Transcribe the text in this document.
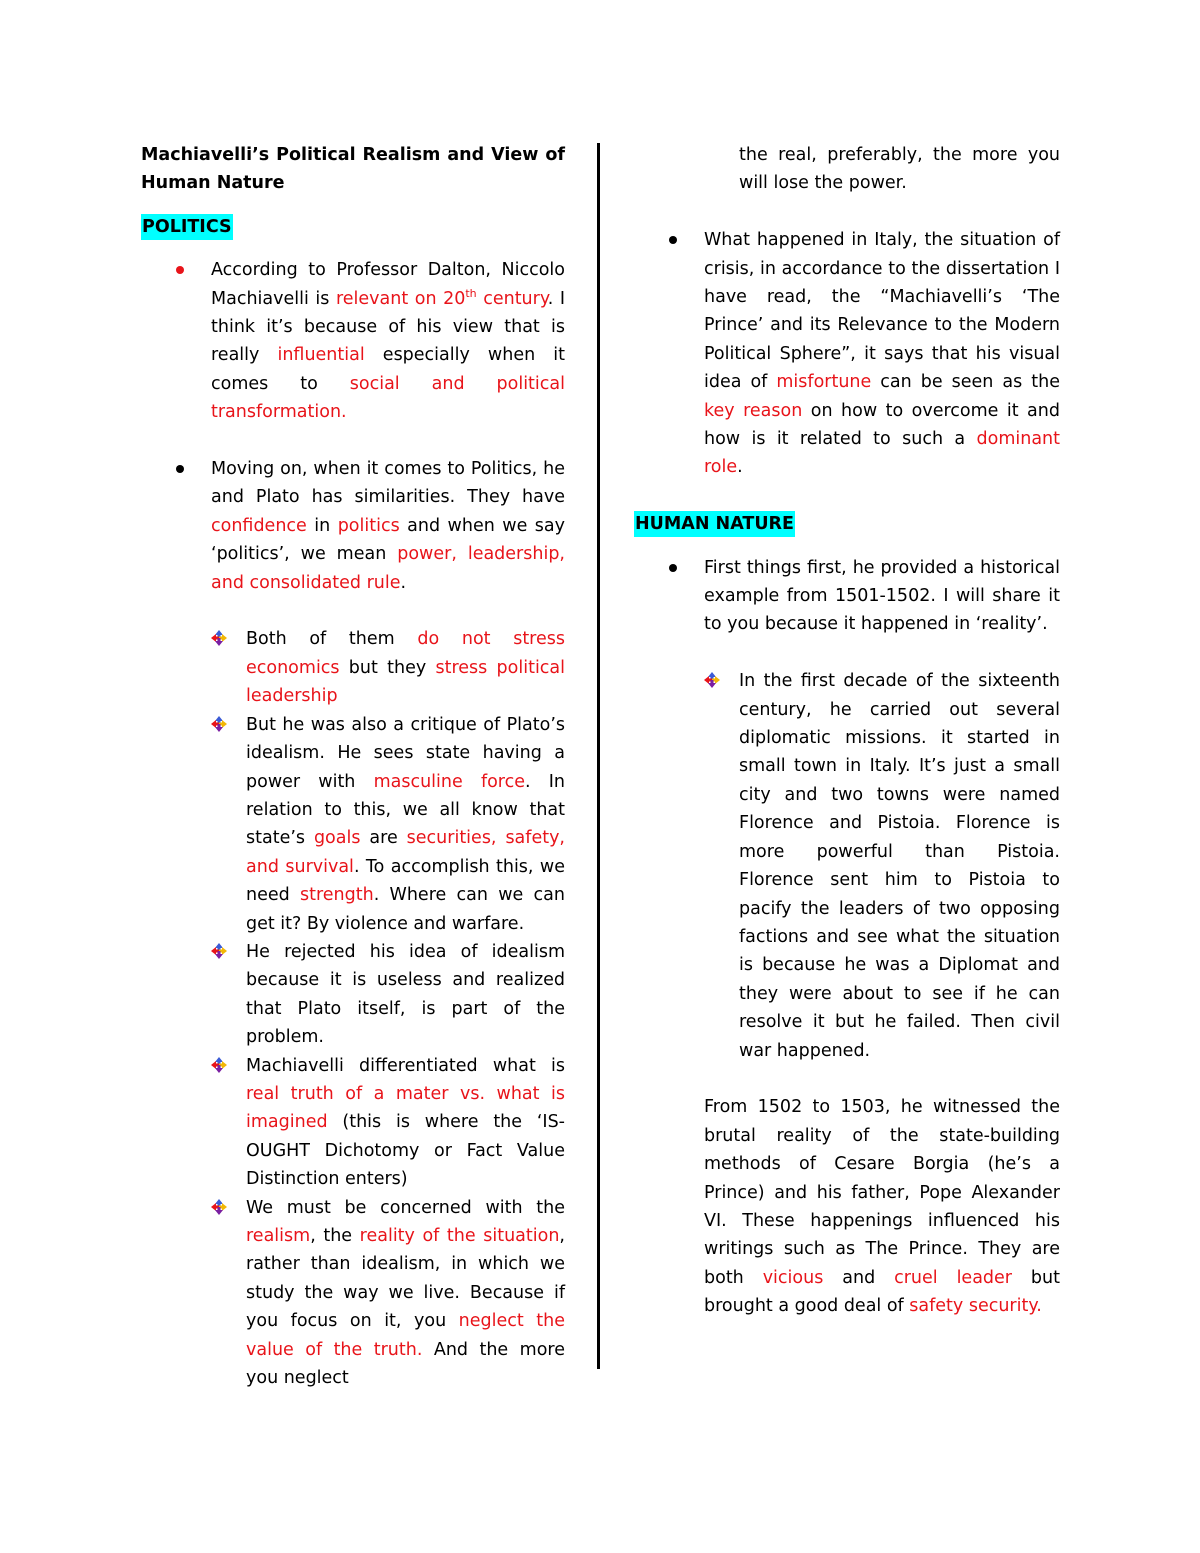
Machiavelli’s Political Realism and View of Human Nature

POLITICS

According to Professor Dalton, Niccolo Machiavelli is relevant on 20th century. I think it’s because of his view that is really influential especially when it comes to social and political transformation.

Moving on, when it comes to Politics, he and Plato has similarities. They have confidence in politics and when we say ‘politics’, we mean power, leadership, and consolidated rule.

Both of them do not stress economics but they stress political leadership

But he was also a critique of Plato’s idealism. He sees state having a power with masculine force. In relation to this, we all know that state’s goals are securities, safety, and survival. To accomplish this, we need strength. Where can we can get it? By violence and warfare.

He rejected his idea of idealism because it is useless and realized that Plato itself, is part of the problem.

Machiavelli differentiated what is real truth of a mater vs. what is imagined (this is where the ‘IS-OUGHT Dichotomy or Fact Value Distinction enters)

We must be concerned with the realism, the reality of the situation, rather than idealism, in which we study the way we live. Because if you focus on it, you neglect the value of the truth. And the more you neglect

the real, preferably, the more you will lose the power.

What happened in Italy, the situation of crisis, in accordance to the dissertation I have read, the “Machiavelli’s ‘The Prince’ and its Relevance to the Modern Political Sphere”, it says that his visual idea of misfortune can be seen as the key reason on how to overcome it and how is it related to such a dominant role.

HUMAN NATURE

First things first, he provided a historical example from 1501-1502. I will share it to you because it happened in ‘reality’.

In the first decade of the sixteenth century, he carried out several diplomatic missions. it started in small town in Italy. It’s just a small city and two towns were named Florence and Pistoia. Florence is more powerful than Pistoia. Florence sent him to Pistoia to pacify the leaders of two opposing factions and see what the situation is because he was a Diplomat and they were about to see if he can resolve it but he failed. Then civil war happened.

From 1502 to 1503, he witnessed the brutal reality of the state-building methods of Cesare Borgia (he’s a Prince) and his father, Pope Alexander VI. These happenings influenced his writings such as The Prince. They are both vicious and cruel leader but brought a good deal of safety security.
